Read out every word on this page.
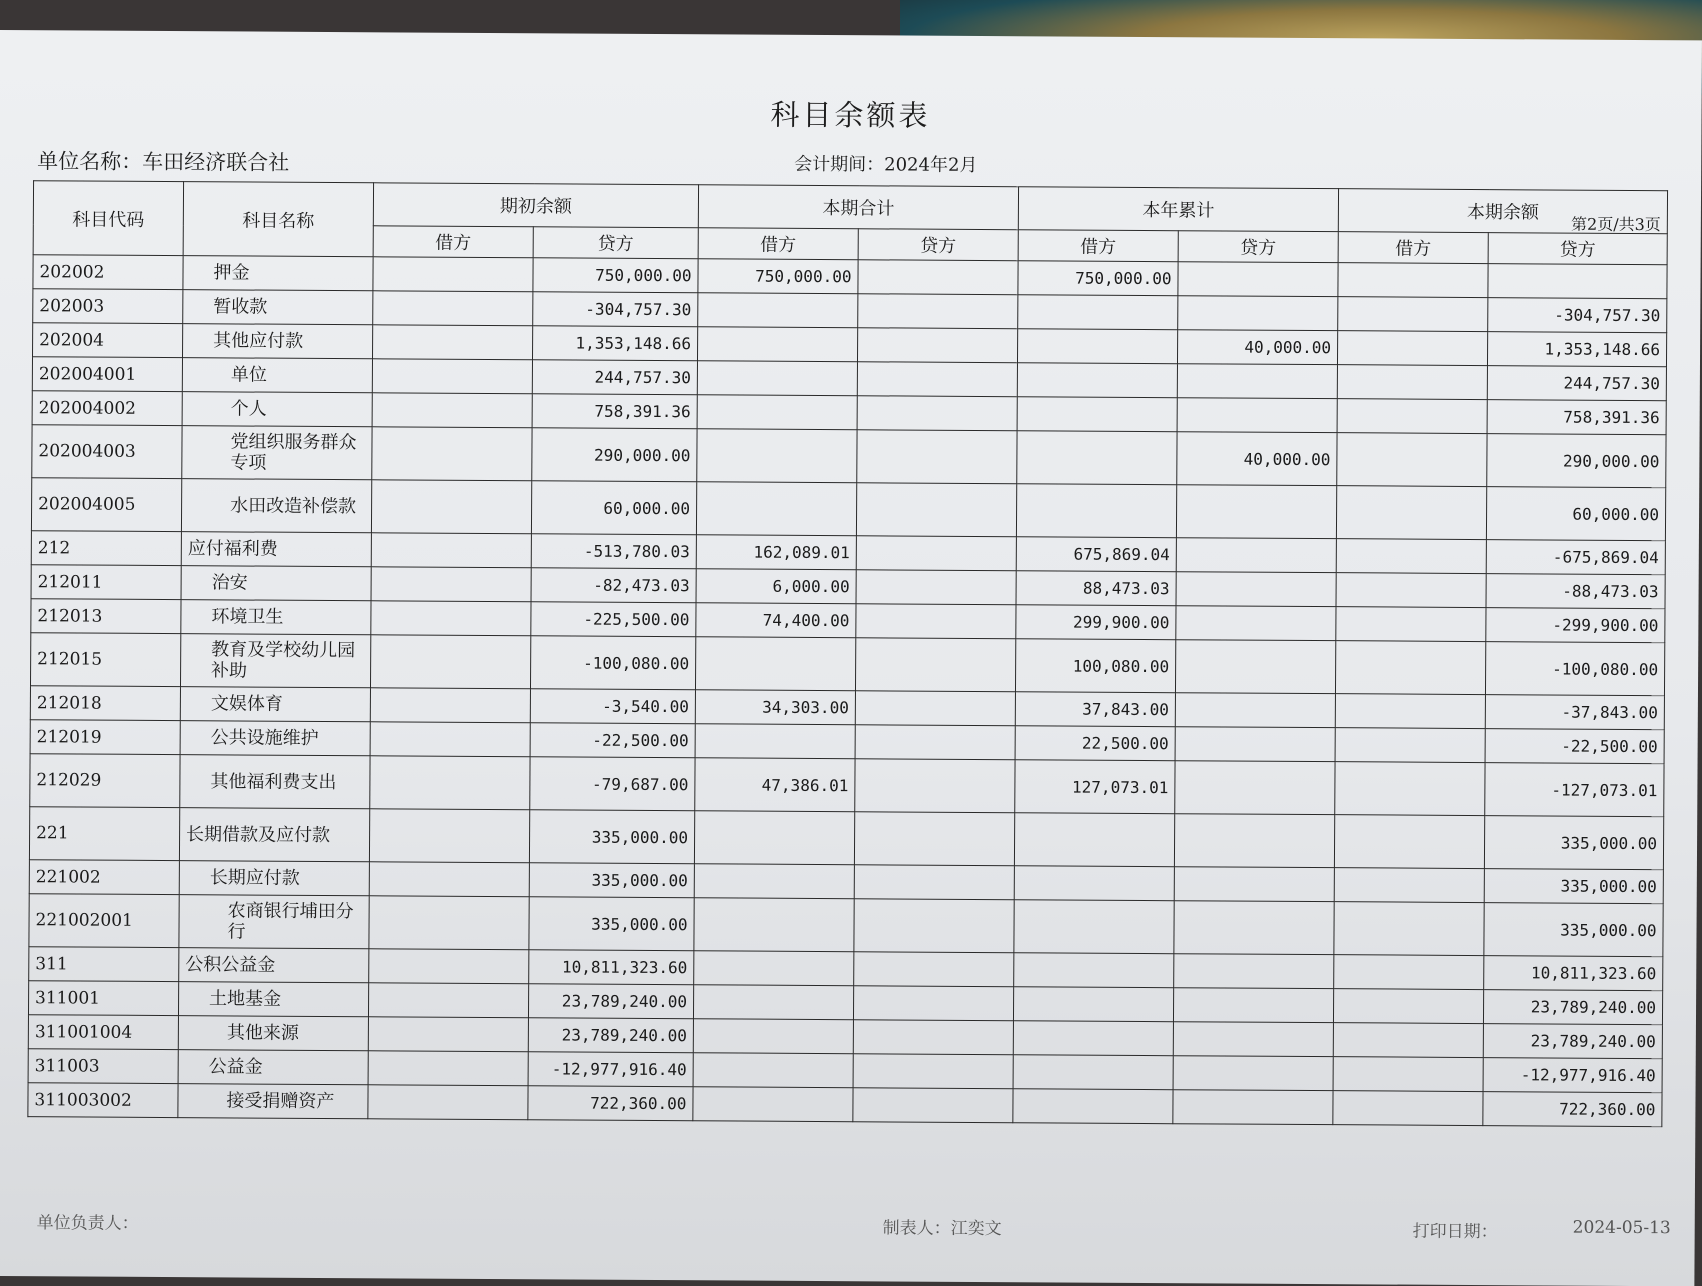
科目余额表
单位名称：车田经济联合社	会计期间：2024年2月
第2页/共3页
科目代码	科目名称	期初余额		本期合计		本年累计		本期余额	
		借方	贷方	借方	贷方	借方	贷方	借方	贷方
202002	押金		750,000.00	750,000.00		750,000.00			
202003	暂收款		-304,757.30						-304,757.30
202004	其他应付款		1,353,148.66				40,000.00		1,353,148.66
202004001	单位		244,757.30						244,757.30
202004002	个人		758,391.36						758,391.36
202004003	党组织服务群众专项		290,000.00				40,000.00		290,000.00
202004005	水田改造补偿款		60,000.00						60,000.00
212	应付福利费		-513,780.03	162,089.01		675,869.04			-675,869.04
212011	治安		-82,473.03	6,000.00		88,473.03			-88,473.03
212013	环境卫生		-225,500.00	74,400.00		299,900.00			-299,900.00
212015	教育及学校幼儿园补助		-100,080.00			100,080.00			-100,080.00
212018	文娱体育		-3,540.00	34,303.00		37,843.00			-37,843.00
212019	公共设施维护		-22,500.00			22,500.00			-22,500.00
212029	其他福利费支出		-79,687.00	47,386.01		127,073.01			-127,073.01
221	长期借款及应付款		335,000.00						335,000.00
221002	长期应付款		335,000.00						335,000.00
221002001	农商银行埔田分行		335,000.00						335,000.00
311	公积公益金		10,811,323.60						10,811,323.60
311001	土地基金		23,789,240.00						23,789,240.00
311001004	其他来源		23,789,240.00						23,789,240.00
311003	公益金		-12,977,916.40						-12,977,916.40
311003002	接受捐赠资产		722,360.00						722,360.00
单位负责人：	制表人：江奕文	打印日期：	2024-05-13
